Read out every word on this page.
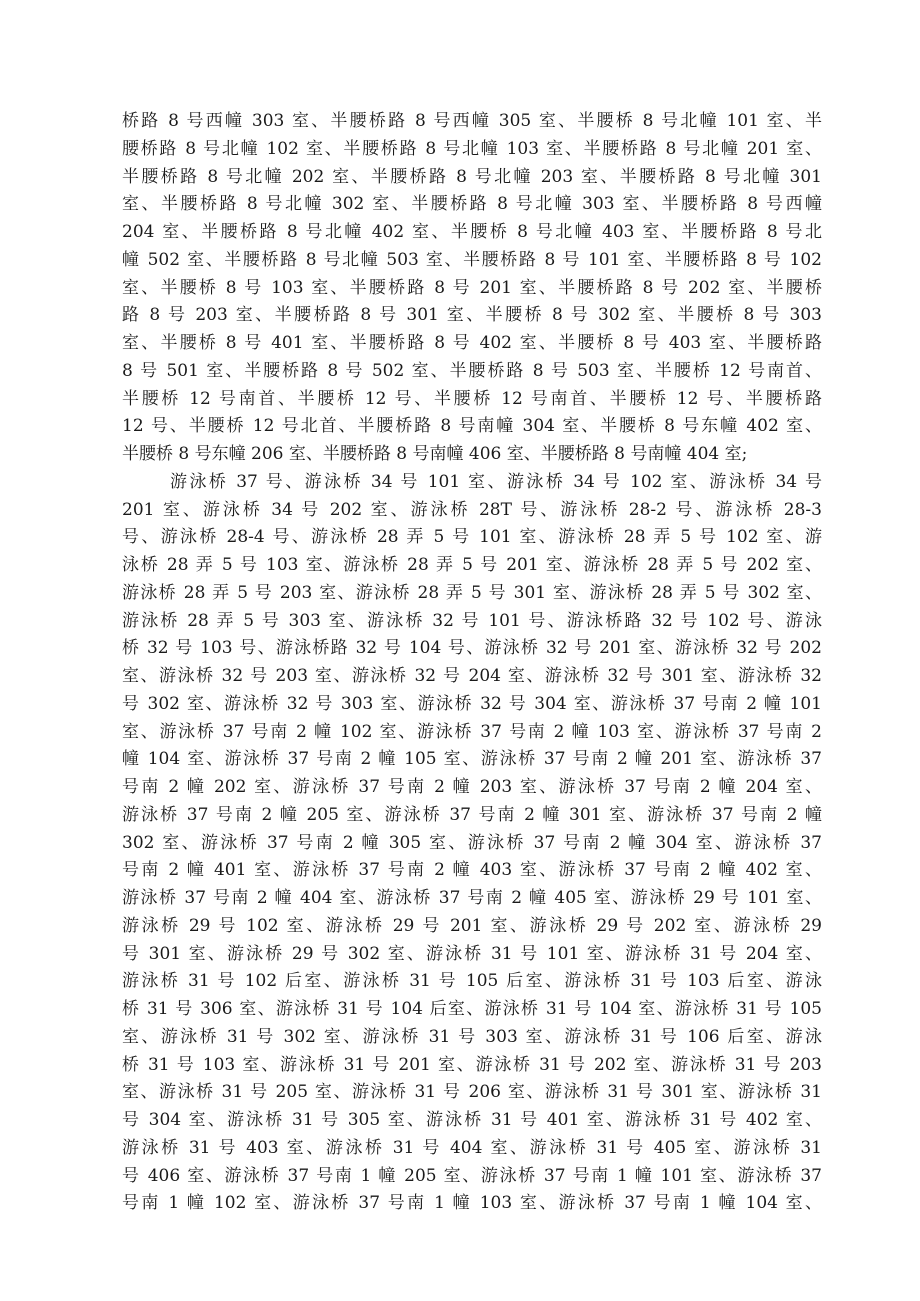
桥路 8 号西幢 303 室、半腰桥路 8 号西幢 305 室、半腰桥 8 号北幢 101 室、半
腰桥路 8 号北幢 102 室、半腰桥路 8 号北幢 103 室、半腰桥路 8 号北幢 201 室、
半腰桥路 8 号北幢 202 室、半腰桥路 8 号北幢 203 室、半腰桥路 8 号北幢 301
室、半腰桥路 8 号北幢 302 室、半腰桥路 8 号北幢 303 室、半腰桥路 8 号西幢
204 室、半腰桥路 8 号北幢 402 室、半腰桥 8 号北幢 403 室、半腰桥路 8 号北
幢 502 室、半腰桥路 8 号北幢 503 室、半腰桥路 8 号 101 室、半腰桥路 8 号 102
室、半腰桥 8 号 103 室、半腰桥路 8 号 201 室、半腰桥路 8 号 202 室、半腰桥
路 8 号 203 室、半腰桥路 8 号 301 室、半腰桥 8 号 302 室、半腰桥 8 号 303
室、半腰桥 8 号 401 室、半腰桥路 8 号 402 室、半腰桥 8 号 403 室、半腰桥路
8 号 501 室、半腰桥路 8 号 502 室、半腰桥路 8 号 503 室、半腰桥 12 号南首、
半腰桥 12 号南首、半腰桥 12 号、半腰桥 12 号南首、半腰桥 12 号、半腰桥路
12 号、半腰桥 12 号北首、半腰桥路 8 号南幢 304 室、半腰桥 8 号东幢 402 室、
半腰桥 8 号东幢 206 室、半腰桥路 8 号南幢 406 室、半腰桥路 8 号南幢 404 室;
游泳桥 37 号、游泳桥 34 号 101 室、游泳桥 34 号 102 室、游泳桥 34 号
201 室、游泳桥 34 号 202 室、游泳桥 28T 号、游泳桥 28-2 号、游泳桥 28-3
号、游泳桥 28-4 号、游泳桥 28 弄 5 号 101 室、游泳桥 28 弄 5 号 102 室、游
泳桥 28 弄 5 号 103 室、游泳桥 28 弄 5 号 201 室、游泳桥 28 弄 5 号 202 室、
游泳桥 28 弄 5 号 203 室、游泳桥 28 弄 5 号 301 室、游泳桥 28 弄 5 号 302 室、
游泳桥 28 弄 5 号 303 室、游泳桥 32 号 101 号、游泳桥路 32 号 102 号、游泳
桥 32 号 103 号、游泳桥路 32 号 104 号、游泳桥 32 号 201 室、游泳桥 32 号 202
室、游泳桥 32 号 203 室、游泳桥 32 号 204 室、游泳桥 32 号 301 室、游泳桥 32
号 302 室、游泳桥 32 号 303 室、游泳桥 32 号 304 室、游泳桥 37 号南 2 幢 101
室、游泳桥 37 号南 2 幢 102 室、游泳桥 37 号南 2 幢 103 室、游泳桥 37 号南 2
幢 104 室、游泳桥 37 号南 2 幢 105 室、游泳桥 37 号南 2 幢 201 室、游泳桥 37
号南 2 幢 202 室、游泳桥 37 号南 2 幢 203 室、游泳桥 37 号南 2 幢 204 室、
游泳桥 37 号南 2 幢 205 室、游泳桥 37 号南 2 幢 301 室、游泳桥 37 号南 2 幢
302 室、游泳桥 37 号南 2 幢 305 室、游泳桥 37 号南 2 幢 304 室、游泳桥 37
号南 2 幢 401 室、游泳桥 37 号南 2 幢 403 室、游泳桥 37 号南 2 幢 402 室、
游泳桥 37 号南 2 幢 404 室、游泳桥 37 号南 2 幢 405 室、游泳桥 29 号 101 室、
游泳桥 29 号 102 室、游泳桥 29 号 201 室、游泳桥 29 号 202 室、游泳桥 29
号 301 室、游泳桥 29 号 302 室、游泳桥 31 号 101 室、游泳桥 31 号 204 室、
游泳桥 31 号 102 后室、游泳桥 31 号 105 后室、游泳桥 31 号 103 后室、游泳
桥 31 号 306 室、游泳桥 31 号 104 后室、游泳桥 31 号 104 室、游泳桥 31 号 105
室、游泳桥 31 号 302 室、游泳桥 31 号 303 室、游泳桥 31 号 106 后室、游泳
桥 31 号 103 室、游泳桥 31 号 201 室、游泳桥 31 号 202 室、游泳桥 31 号 203
室、游泳桥 31 号 205 室、游泳桥 31 号 206 室、游泳桥 31 号 301 室、游泳桥 31
号 304 室、游泳桥 31 号 305 室、游泳桥 31 号 401 室、游泳桥 31 号 402 室、
游泳桥 31 号 403 室、游泳桥 31 号 404 室、游泳桥 31 号 405 室、游泳桥 31
号 406 室、游泳桥 37 号南 1 幢 205 室、游泳桥 37 号南 1 幢 101 室、游泳桥 37
号南 1 幢 102 室、游泳桥 37 号南 1 幢 103 室、游泳桥 37 号南 1 幢 104 室、
